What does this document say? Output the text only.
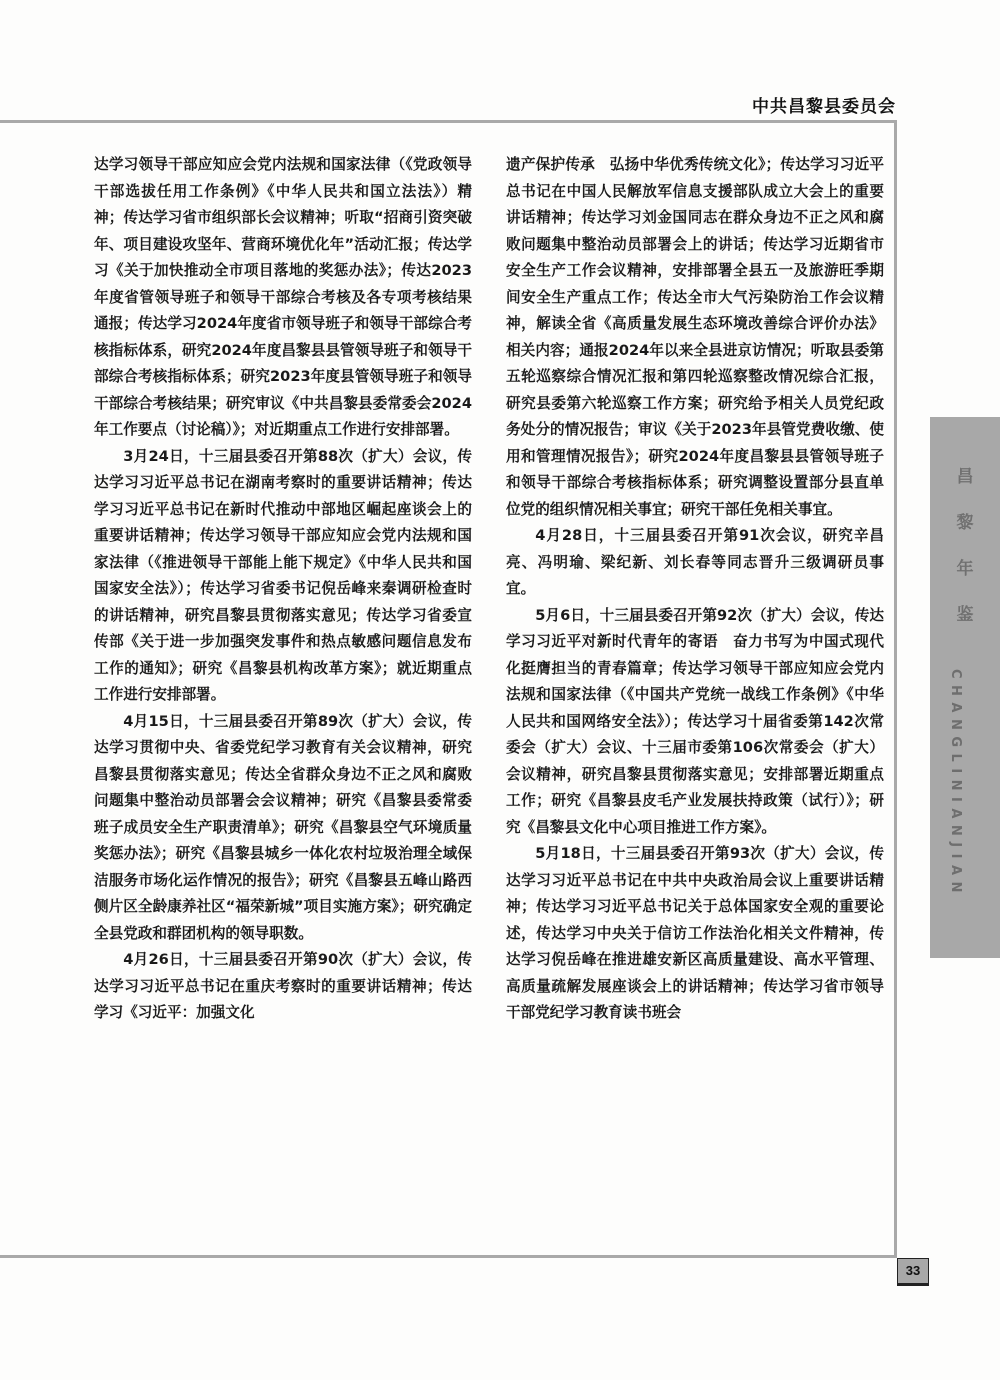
中共昌黎县委员会

达学习领导干部应知应会党内法规和国家法律（《党政领导干部选拔任用工作条例》《中华人民共和国立法法》）精神；传达学习省市组织部长会议精神；听取“招商引资突破年、项目建设攻坚年、营商环境优化年”活动汇报；传达学习《关于加快推动全市项目落地的奖惩办法》；传达2023年度省管领导班子和领导干部综合考核及各专项考核结果通报；传达学习2024年度省市领导班子和领导干部综合考核指标体系，研究2024年度昌黎县县管领导班子和领导干部综合考核指标体系；研究2023年度县管领导班子和领导干部综合考核结果；研究审议《中共昌黎县委常委会2024年工作要点（讨论稿）》；对近期重点工作进行安排部署。

3月24日，十三届县委召开第88次（扩大）会议，传达学习习近平总书记在湖南考察时的重要讲话精神；传达学习习近平总书记在新时代推动中部地区崛起座谈会上的重要讲话精神；传达学习领导干部应知应会党内法规和国家法律（《推进领导干部能上能下规定》《中华人民共和国国家安全法》）；传达学习省委书记倪岳峰来秦调研检查时的讲话精神，研究昌黎县贯彻落实意见；传达学习省委宣传部《关于进一步加强突发事件和热点敏感问题信息发布工作的通知》；研究《昌黎县机构改革方案》；就近期重点工作进行安排部署。

4月15日，十三届县委召开第89次（扩大）会议，传达学习贯彻中央、省委党纪学习教育有关会议精神，研究昌黎县贯彻落实意见；传达全省群众身边不正之风和腐败问题集中整治动员部署会会议精神；研究《昌黎县委常委班子成员安全生产职责清单》；研究《昌黎县空气环境质量奖惩办法》；研究《昌黎县城乡一体化农村垃圾治理全域保洁服务市场化运作情况的报告》；研究《昌黎县五峰山路西侧片区全龄康养社区“福荣新城”项目实施方案》；研究确定全县党政和群团机构的领导职数。

4月26日，十三届县委召开第90次（扩大）会议，传达学习习近平总书记在重庆考察时的重要讲话精神；传达学习《习近平：加强文化

遗产保护传承　弘扬中华优秀传统文化》；传达学习习近平总书记在中国人民解放军信息支援部队成立大会上的重要讲话精神；传达学习刘金国同志在群众身边不正之风和腐败问题集中整治动员部署会上的讲话；传达学习近期省市安全生产工作会议精神，安排部署全县五一及旅游旺季期间安全生产重点工作；传达全市大气污染防治工作会议精神，解读全省《高质量发展生态环境改善综合评价办法》相关内容；通报2024年以来全县进京访情况；听取县委第五轮巡察综合情况汇报和第四轮巡察整改情况综合汇报，研究县委第六轮巡察工作方案；研究给予相关人员党纪政务处分的情况报告；审议《关于2023年县管党费收缴、使用和管理情况报告》；研究2024年度昌黎县县管领导班子和领导干部综合考核指标体系；研究调整设置部分县直单位党的组织情况相关事宜；研究干部任免相关事宜。

4月28日，十三届县委召开第91次会议，研究辛昌亮、冯明瑜、梁纪新、刘长春等同志晋升三级调研员事宜。

5月6日，十三届县委召开第92次（扩大）会议，传达学习习近平对新时代青年的寄语　奋力书写为中国式现代化挺膺担当的青春篇章；传达学习领导干部应知应会党内法规和国家法律（《中国共产党统一战线工作条例》《中华人民共和国网络安全法》）；传达学习十届省委第142次常委会（扩大）会议、十三届市委第106次常委会（扩大）会议精神，研究昌黎县贯彻落实意见；安排部署近期重点工作；研究《昌黎县皮毛产业发展扶持政策（试行）》；研究《昌黎县文化中心项目推进工作方案》。

5月18日，十三届县委召开第93次（扩大）会议，传达学习习近平总书记在中共中央政治局会议上重要讲话精神；传达学习习近平总书记关于总体国家安全观的重要论述，传达学习中央关于信访工作法治化相关文件精神，传达学习倪岳峰在推进雄安新区高质量建设、高水平管理、高质量疏解发展座谈会上的讲话精神；传达学习省市领导干部党纪学习教育读书班会

昌
黎
年
鉴
CHANGLINIANJIAN
33
